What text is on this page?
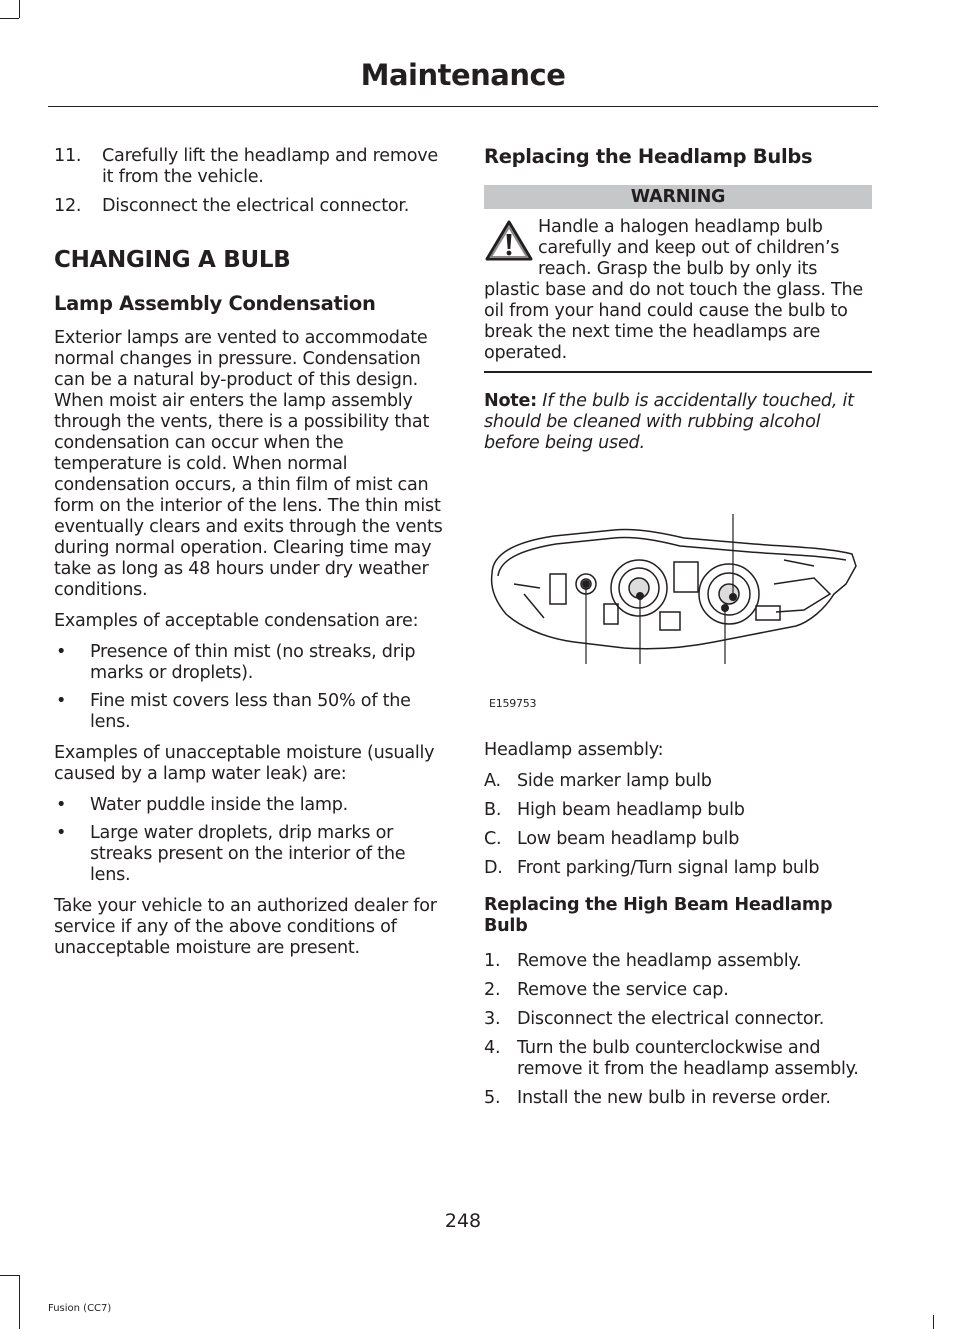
Maintenance
11.	Carefully lift the headlamp and remove it from the vehicle.
12.	Disconnect the electrical connector.
CHANGING A BULB
Lamp Assembly Condensation

Exterior lamps are vented to accommodate normal changes in pressure. Condensation can be a natural by-product of this design. When moist air enters the lamp assembly through the vents, there is a possibility that condensation can occur when the temperature is cold. When normal condensation occurs, a thin film of mist can form on the interior of the lens. The thin mist eventually clears and exits through the vents during normal operation. Clearing time may take as long as 48 hours under dry weather conditions.

Examples of acceptable condensation are:

•	Presence of thin mist (no streaks, drip marks or droplets).
•	Fine mist covers less than 50% of the lens.

Examples of unacceptable moisture (usually caused by a lamp water leak) are:

•	Water puddle inside the lamp.
•	Large water droplets, drip marks or streaks present on the interior of the lens.

Take your vehicle to an authorized dealer for service if any of the above conditions of unacceptable moisture are present.

Replacing the Headlamp Bulbs
WARNING
Handle a halogen headlamp bulb carefully and keep out of children’s reach. Grasp the bulb by only its plastic base and do not touch the glass. The oil from your hand could cause the bulb to break the next time the headlamps are operated.

Note: If the bulb is accidentally touched, it should be cleaned with rubbing alcohol before being used.

E159753

Headlamp assembly:

A. Side marker lamp bulb
B. High beam headlamp bulb
C. Low beam headlamp bulb
D. Front parking/Turn signal lamp bulb
Replacing the High Beam Headlamp Bulb
1. Remove the headlamp assembly.
2. Remove the service cap.
3. Disconnect the electrical connector.
4. Turn the bulb counterclockwise and remove it from the headlamp assembly.
5. Install the new bulb in reverse order.
248
Fusion (CC7)
